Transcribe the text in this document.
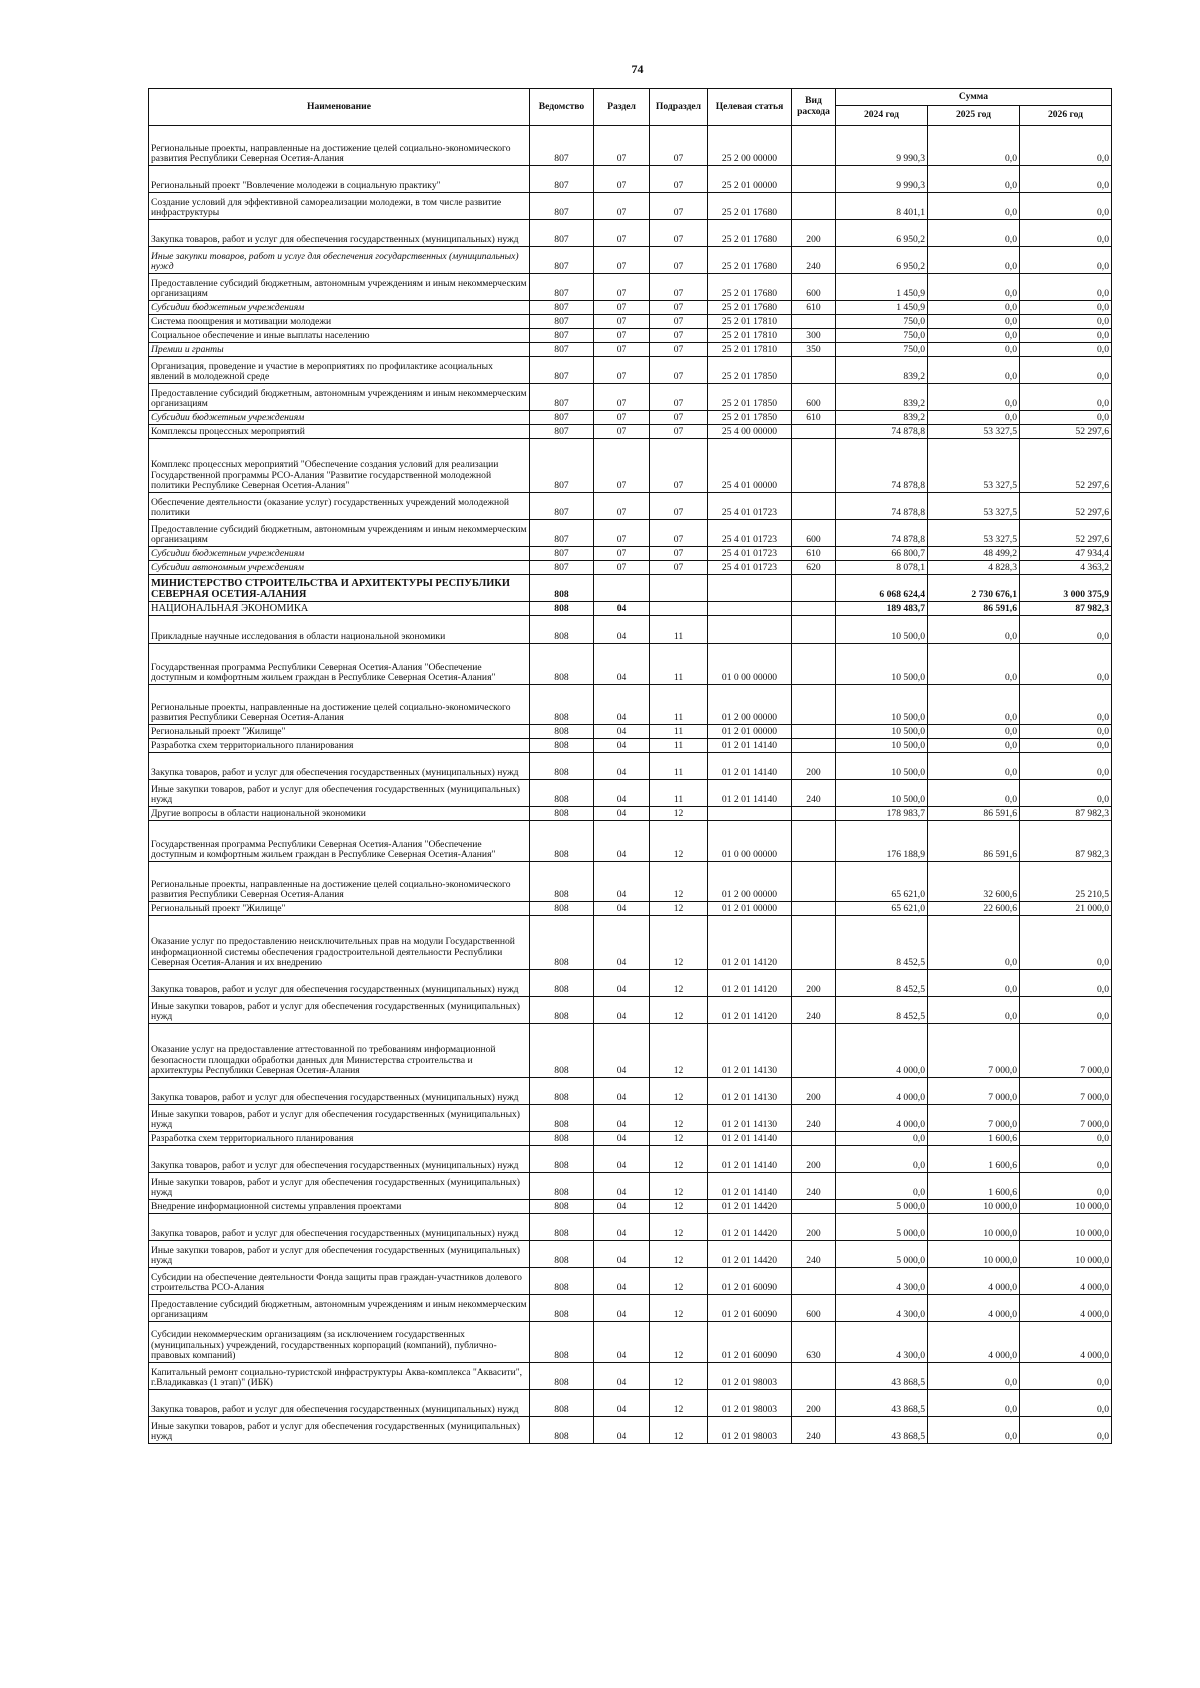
74
Наименование	Ведомство	Раздел	Подраздел	Целевая статья	Вид расхода	Сумма		
						2024 год	2025 год	2026 год
Региональные проекты, направленные на достижение целей социально-экономического развития Республики Северная Осетия-Алания	807	07	07	25 2 00 00000		9 990,3	0,0	0,0
Региональный проект "Вовлечение молодежи в социальную практику"	807	07	07	25 2 01 00000		9 990,3	0,0	0,0
Создание условий для эффективной самореализации молодежи, в том числе развитие инфраструктуры	807	07	07	25 2 01 17680		8 401,1	0,0	0,0
Закупка товаров, работ и услуг для обеспечения государственных (муниципальных) нужд	807	07	07	25 2 01 17680	200	6 950,2	0,0	0,0
Иные закупки товаров, работ и услуг для обеспечения государственных (муниципальных) нужд	807	07	07	25 2 01 17680	240	6 950,2	0,0	0,0
Предоставление субсидий бюджетным, автономным учреждениям и иным некоммерческим организациям	807	07	07	25 2 01 17680	600	1 450,9	0,0	0,0
Субсидии бюджетным учреждениям	807	07	07	25 2 01 17680	610	1 450,9	0,0	0,0
Система поощрения и мотивации молодежи	807	07	07	25 2 01 17810		750,0	0,0	0,0
Социальное обеспечение и иные выплаты населению	807	07	07	25 2 01 17810	300	750,0	0,0	0,0
Премии и гранты	807	07	07	25 2 01 17810	350	750,0	0,0	0,0
Организация, проведение и участие в мероприятиях по профилактике асоциальных явлений в молодежной среде	807	07	07	25 2 01 17850		839,2	0,0	0,0
Предоставление субсидий бюджетным, автономным учреждениям и иным некоммерческим организациям	807	07	07	25 2 01 17850	600	839,2	0,0	0,0
Субсидии бюджетным учреждениям	807	07	07	25 2 01 17850	610	839,2	0,0	0,0
Комплексы процессных мероприятий	807	07	07	25 4 00 00000		74 878,8	53 327,5	52 297,6
Комплекс процессных мероприятий "Обеспечение создания условий для реализации Государственной программы РСО-Алания "Развитие государственной молодежной политики Республике Северная Осетия-Алания"	807	07	07	25 4 01 00000		74 878,8	53 327,5	52 297,6
Обеспечение деятельности (оказание услуг) государственных учреждений молодежной политики	807	07	07	25 4 01 01723		74 878,8	53 327,5	52 297,6
Предоставление субсидий бюджетным, автономным учреждениям и иным некоммерческим организациям	807	07	07	25 4 01 01723	600	74 878,8	53 327,5	52 297,6
Субсидии бюджетным учреждениям	807	07	07	25 4 01 01723	610	66 800,7	48 499,2	47 934,4
Субсидии автономным учреждениям	807	07	07	25 4 01 01723	620	8 078,1	4 828,3	4 363,2
МИНИСТЕРСТВО СТРОИТЕЛЬСТВА И АРХИТЕКТУРЫ РЕСПУБЛИКИ СЕВЕРНАЯ ОСЕТИЯ-АЛАНИЯ	808					6 068 624,4	2 730 676,1	3 000 375,9
НАЦИОНАЛЬНАЯ ЭКОНОМИКА	808	04				189 483,7	86 591,6	87 982,3
Прикладные научные исследования в области национальной экономики	808	04	11			10 500,0	0,0	0,0
Государственная программа Республики Северная Осетия-Алания "Обеспечение доступным и комфортным жильем граждан в Республике Северная Осетия-Алания"	808	04	11	01 0 00 00000		10 500,0	0,0	0,0
Региональные проекты, направленные на достижение целей социально-экономического развития Республики Северная Осетия-Алания	808	04	11	01 2 00 00000		10 500,0	0,0	0,0
Региональный проект "Жилище"	808	04	11	01 2 01 00000		10 500,0	0,0	0,0
Разработка схем территориального планирования	808	04	11	01 2 01 14140		10 500,0	0,0	0,0
Закупка товаров, работ и услуг для обеспечения государственных (муниципальных) нужд	808	04	11	01 2 01 14140	200	10 500,0	0,0	0,0
Иные закупки товаров, работ и услуг для обеспечения государственных (муниципальных) нужд	808	04	11	01 2 01 14140	240	10 500,0	0,0	0,0
Другие вопросы в области национальной экономики	808	04	12			178 983,7	86 591,6	87 982,3
Государственная программа Республики Северная Осетия-Алания "Обеспечение доступным и комфортным жильем граждан в Республике Северная Осетия-Алания"	808	04	12	01 0 00 00000		176 188,9	86 591,6	87 982,3
Региональные проекты, направленные на достижение целей социально-экономического развития Республики Северная Осетия-Алания	808	04	12	01 2 00 00000		65 621,0	32 600,6	25 210,5
Региональный проект "Жилище"	808	04	12	01 2 01 00000		65 621,0	22 600,6	21 000,0
Оказание услуг по предоставлению неисключительных прав на модули Государственной информационной системы обеспечения градостроительной деятельности Республики Северная Осетия-Алания и их внедрению	808	04	12	01 2 01 14120		8 452,5	0,0	0,0
Закупка товаров, работ и услуг для обеспечения государственных (муниципальных) нужд	808	04	12	01 2 01 14120	200	8 452,5	0,0	0,0
Иные закупки товаров, работ и услуг для обеспечения государственных (муниципальных) нужд	808	04	12	01 2 01 14120	240	8 452,5	0,0	0,0
Оказание услуг на предоставление аттестованной по требованиям информационной безопасности площадки обработки данных для Министерства строительства и архитектуры Республики Северная Осетия-Алания	808	04	12	01 2 01 14130		4 000,0	7 000,0	7 000,0
Закупка товаров, работ и услуг для обеспечения государственных (муниципальных) нужд	808	04	12	01 2 01 14130	200	4 000,0	7 000,0	7 000,0
Иные закупки товаров, работ и услуг для обеспечения государственных (муниципальных) нужд	808	04	12	01 2 01 14130	240	4 000,0	7 000,0	7 000,0
Разработка схем территориального планирования	808	04	12	01 2 01 14140		0,0	1 600,6	0,0
Закупка товаров, работ и услуг для обеспечения государственных (муниципальных) нужд	808	04	12	01 2 01 14140	200	0,0	1 600,6	0,0
Иные закупки товаров, работ и услуг для обеспечения государственных (муниципальных) нужд	808	04	12	01 2 01 14140	240	0,0	1 600,6	0,0
Внедрение информационной системы управления проектами	808	04	12	01 2 01 14420		5 000,0	10 000,0	10 000,0
Закупка товаров, работ и услуг для обеспечения государственных (муниципальных) нужд	808	04	12	01 2 01 14420	200	5 000,0	10 000,0	10 000,0
Иные закупки товаров, работ и услуг для обеспечения государственных (муниципальных) нужд	808	04	12	01 2 01 14420	240	5 000,0	10 000,0	10 000,0
Субсидии на обеспечение деятельности Фонда защиты прав граждан-участников долевого строительства РСО-Алания	808	04	12	01 2 01 60090		4 300,0	4 000,0	4 000,0
Предоставление субсидий бюджетным, автономным учреждениям и иным некоммерческим организациям	808	04	12	01 2 01 60090	600	4 300,0	4 000,0	4 000,0
Субсидии некоммерческим организациям (за исключением государственных (муниципальных) учреждений, государственных корпораций (компаний), публично-правовых компаний)	808	04	12	01 2 01 60090	630	4 300,0	4 000,0	4 000,0
Капитальный ремонт социально-туристской инфраструктуры Аква-комплекса "Аквасити", г.Владикавказ (1 этап)" (ИБК)	808	04	12	01 2 01 98003		43 868,5	0,0	0,0
Закупка товаров, работ и услуг для обеспечения государственных (муниципальных) нужд	808	04	12	01 2 01 98003	200	43 868,5	0,0	0,0
Иные закупки товаров, работ и услуг для обеспечения государственных (муниципальных) нужд	808	04	12	01 2 01 98003	240	43 868,5	0,0	0,0
